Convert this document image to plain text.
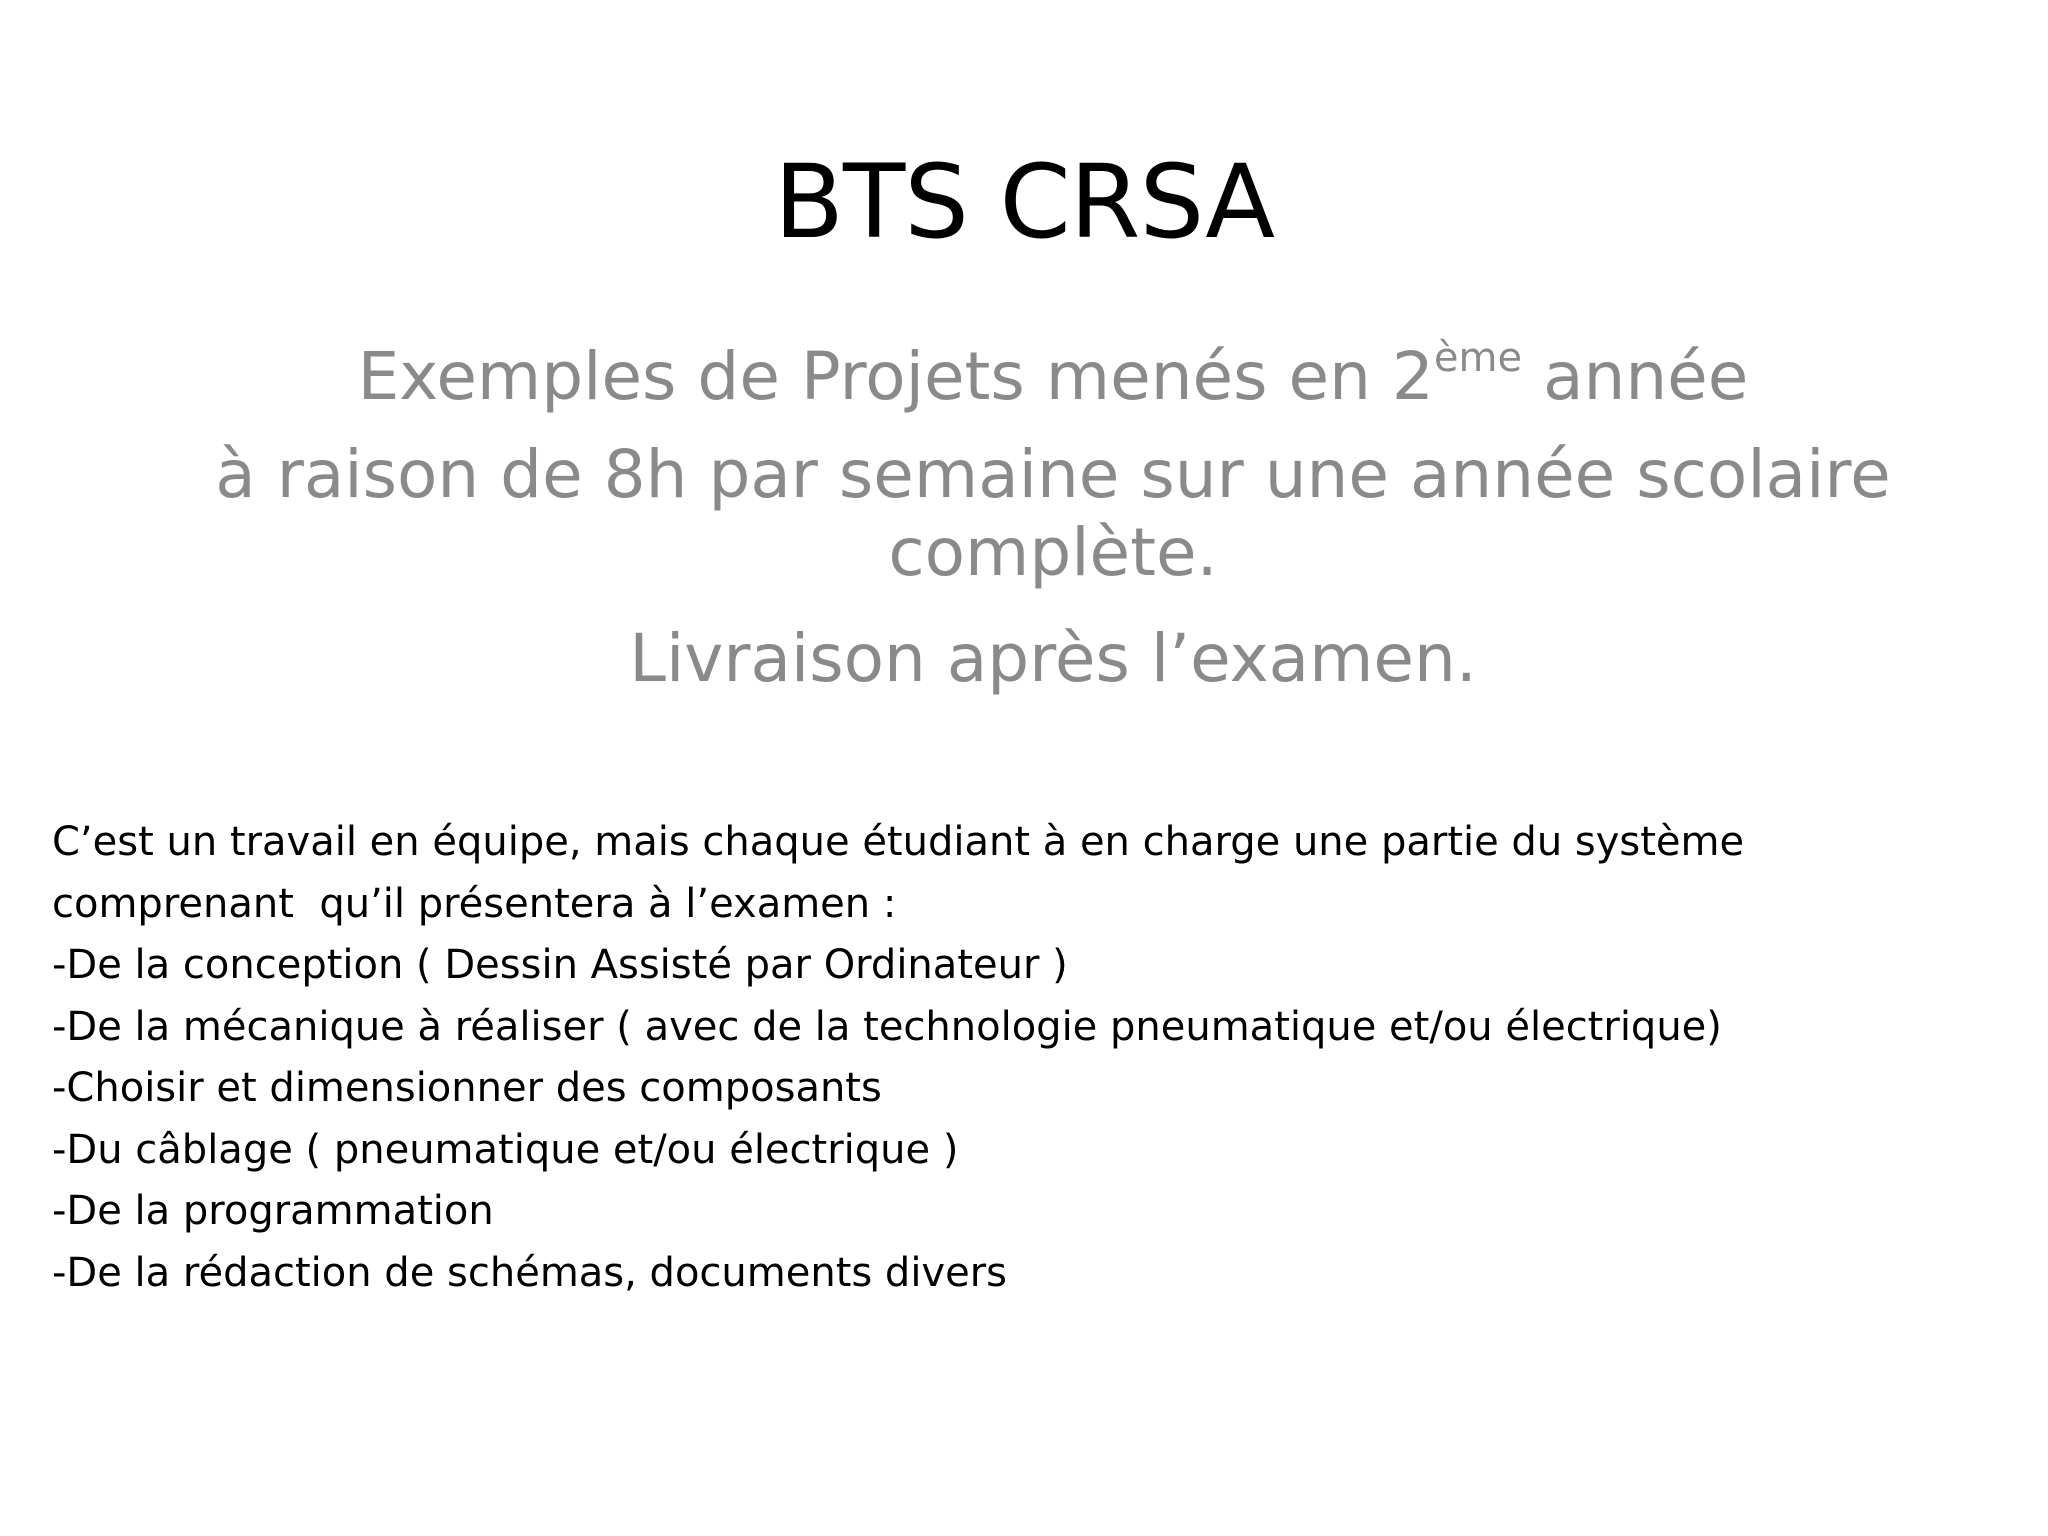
BTS CRSA
Exemples de Projets menés en 2ème année
à raison de 8h par semaine sur une année scolaire complète.
Livraison après l’examen.
C’est un travail en équipe, mais chaque étudiant à en charge une partie du système
comprenant  qu’il présentera à l’examen :
-De la conception ( Dessin Assisté par Ordinateur )
-De la mécanique à réaliser ( avec de la technologie pneumatique et/ou électrique)
-Choisir et dimensionner des composants
-Du câblage ( pneumatique et/ou électrique )
-De la programmation
-De la rédaction de schémas, documents divers
